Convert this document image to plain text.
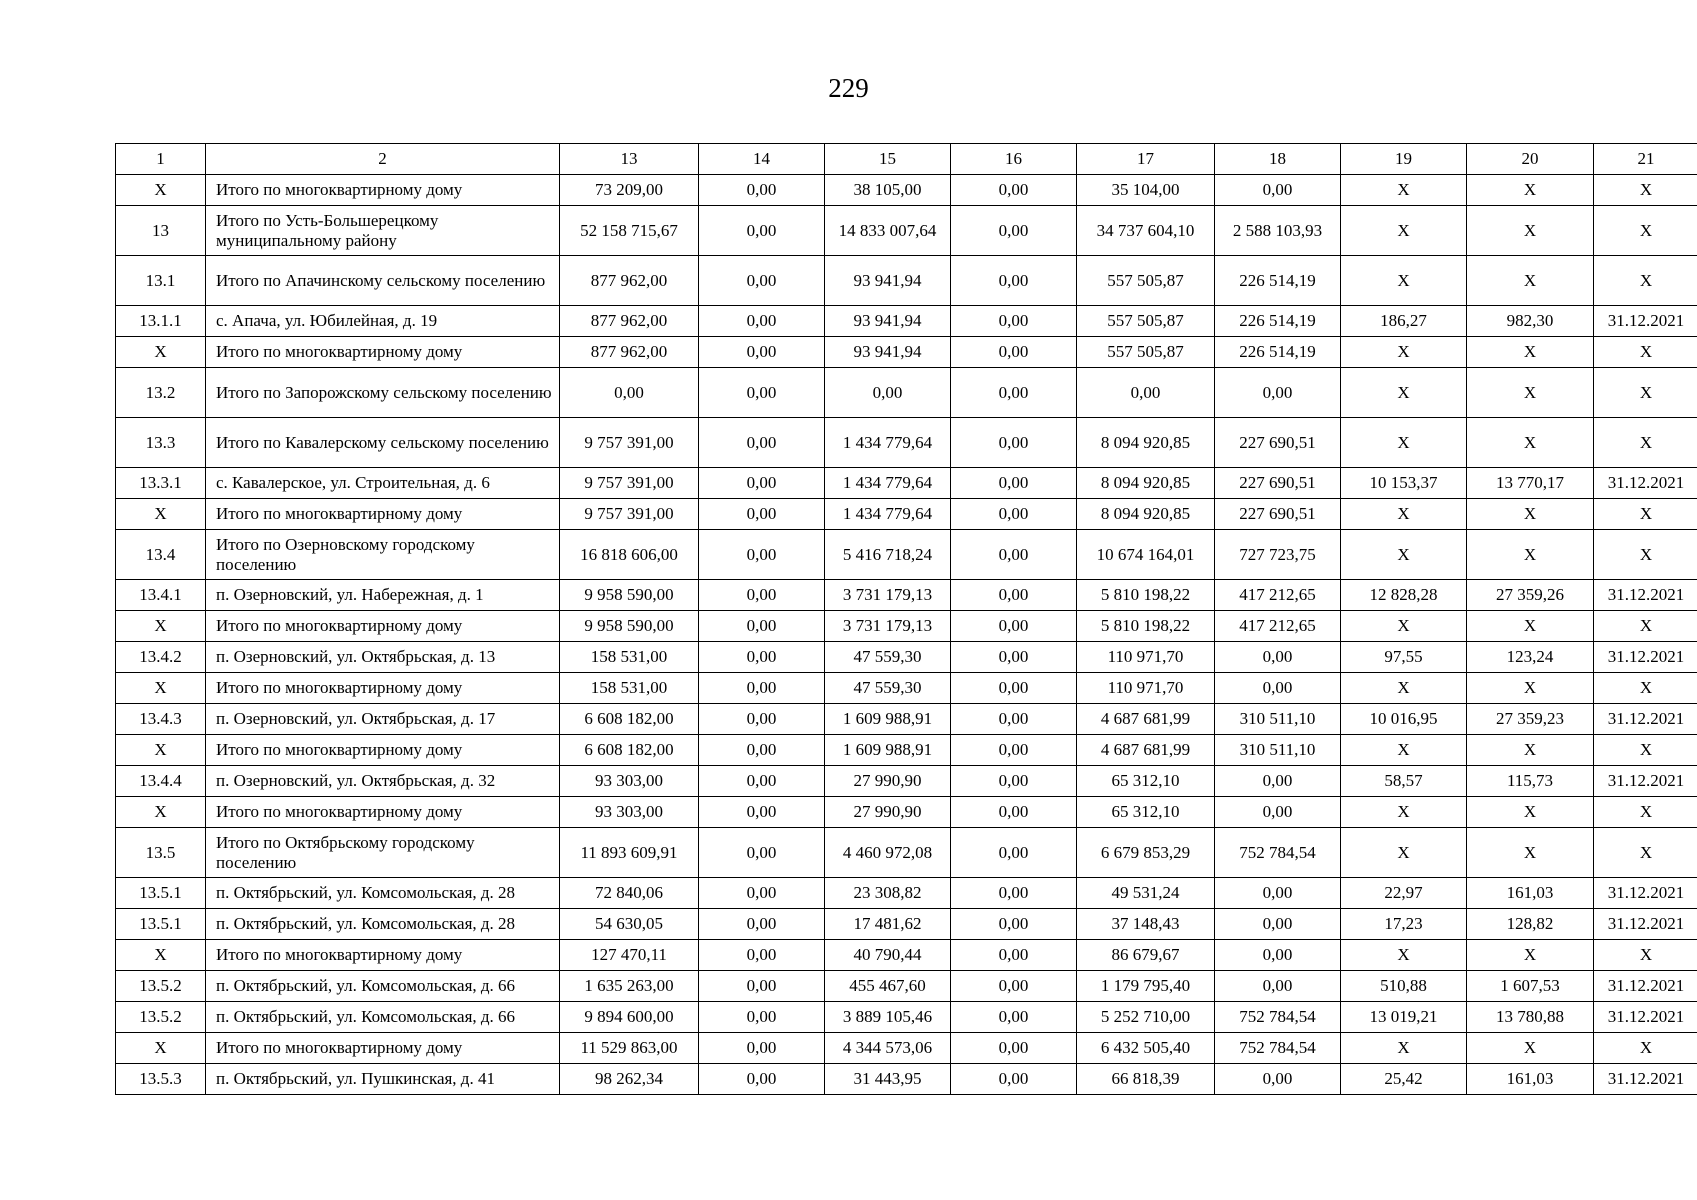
229
1	2	13	14	15	16	17	18	19	20	21
Х	Итого по многоквартирному дому	73 209,00	0,00	38 105,00	0,00	35 104,00	0,00	Х	Х	Х
13	Итого по Усть-Большерецкому муниципальному району	52 158 715,67	0,00	14 833 007,64	0,00	34 737 604,10	2 588 103,93	Х	Х	Х
13.1	Итого по Апачинскому сельскому поселению	877 962,00	0,00	93 941,94	0,00	557 505,87	226 514,19	Х	Х	Х
13.1.1	с. Апача, ул. Юбилейная, д. 19	877 962,00	0,00	93 941,94	0,00	557 505,87	226 514,19	186,27	982,30	31.12.2021
Х	Итого по многоквартирному дому	877 962,00	0,00	93 941,94	0,00	557 505,87	226 514,19	Х	Х	Х
13.2	Итого по Запорожскому сельскому поселению	0,00	0,00	0,00	0,00	0,00	0,00	Х	Х	Х
13.3	Итого по Кавалерскому сельскому поселению	9 757 391,00	0,00	1 434 779,64	0,00	8 094 920,85	227 690,51	Х	Х	Х
13.3.1	с. Кавалерское, ул. Строительная, д. 6	9 757 391,00	0,00	1 434 779,64	0,00	8 094 920,85	227 690,51	10 153,37	13 770,17	31.12.2021
Х	Итого по многоквартирному дому	9 757 391,00	0,00	1 434 779,64	0,00	8 094 920,85	227 690,51	Х	Х	Х
13.4	Итого по Озерновскому городскому поселению	16 818 606,00	0,00	5 416 718,24	0,00	10 674 164,01	727 723,75	Х	Х	Х
13.4.1	п. Озерновский, ул. Набережная, д. 1	9 958 590,00	0,00	3 731 179,13	0,00	5 810 198,22	417 212,65	12 828,28	27 359,26	31.12.2021
Х	Итого по многоквартирному дому	9 958 590,00	0,00	3 731 179,13	0,00	5 810 198,22	417 212,65	Х	Х	Х
13.4.2	п. Озерновский, ул. Октябрьская, д. 13	158 531,00	0,00	47 559,30	0,00	110 971,70	0,00	97,55	123,24	31.12.2021
Х	Итого по многоквартирному дому	158 531,00	0,00	47 559,30	0,00	110 971,70	0,00	Х	Х	Х
13.4.3	п. Озерновский, ул. Октябрьская, д. 17	6 608 182,00	0,00	1 609 988,91	0,00	4 687 681,99	310 511,10	10 016,95	27 359,23	31.12.2021
Х	Итого по многоквартирному дому	6 608 182,00	0,00	1 609 988,91	0,00	4 687 681,99	310 511,10	Х	Х	Х
13.4.4	п. Озерновский, ул. Октябрьская, д. 32	93 303,00	0,00	27 990,90	0,00	65 312,10	0,00	58,57	115,73	31.12.2021
Х	Итого по многоквартирному дому	93 303,00	0,00	27 990,90	0,00	65 312,10	0,00	Х	Х	Х
13.5	Итого по Октябрьскому городскому поселению	11 893 609,91	0,00	4 460 972,08	0,00	6 679 853,29	752 784,54	Х	Х	Х
13.5.1	п. Октябрьский, ул. Комсомольская, д. 28	72 840,06	0,00	23 308,82	0,00	49 531,24	0,00	22,97	161,03	31.12.2021
13.5.1	п. Октябрьский, ул. Комсомольская, д. 28	54 630,05	0,00	17 481,62	0,00	37 148,43	0,00	17,23	128,82	31.12.2021
Х	Итого по многоквартирному дому	127 470,11	0,00	40 790,44	0,00	86 679,67	0,00	Х	Х	Х
13.5.2	п. Октябрьский, ул. Комсомольская, д. 66	1 635 263,00	0,00	455 467,60	0,00	1 179 795,40	0,00	510,88	1 607,53	31.12.2021
13.5.2	п. Октябрьский, ул. Комсомольская, д. 66	9 894 600,00	0,00	3 889 105,46	0,00	5 252 710,00	752 784,54	13 019,21	13 780,88	31.12.2021
Х	Итого по многоквартирному дому	11 529 863,00	0,00	4 344 573,06	0,00	6 432 505,40	752 784,54	Х	Х	Х
13.5.3	п. Октябрьский, ул. Пушкинская, д. 41	98 262,34	0,00	31 443,95	0,00	66 818,39	0,00	25,42	161,03	31.12.2021
